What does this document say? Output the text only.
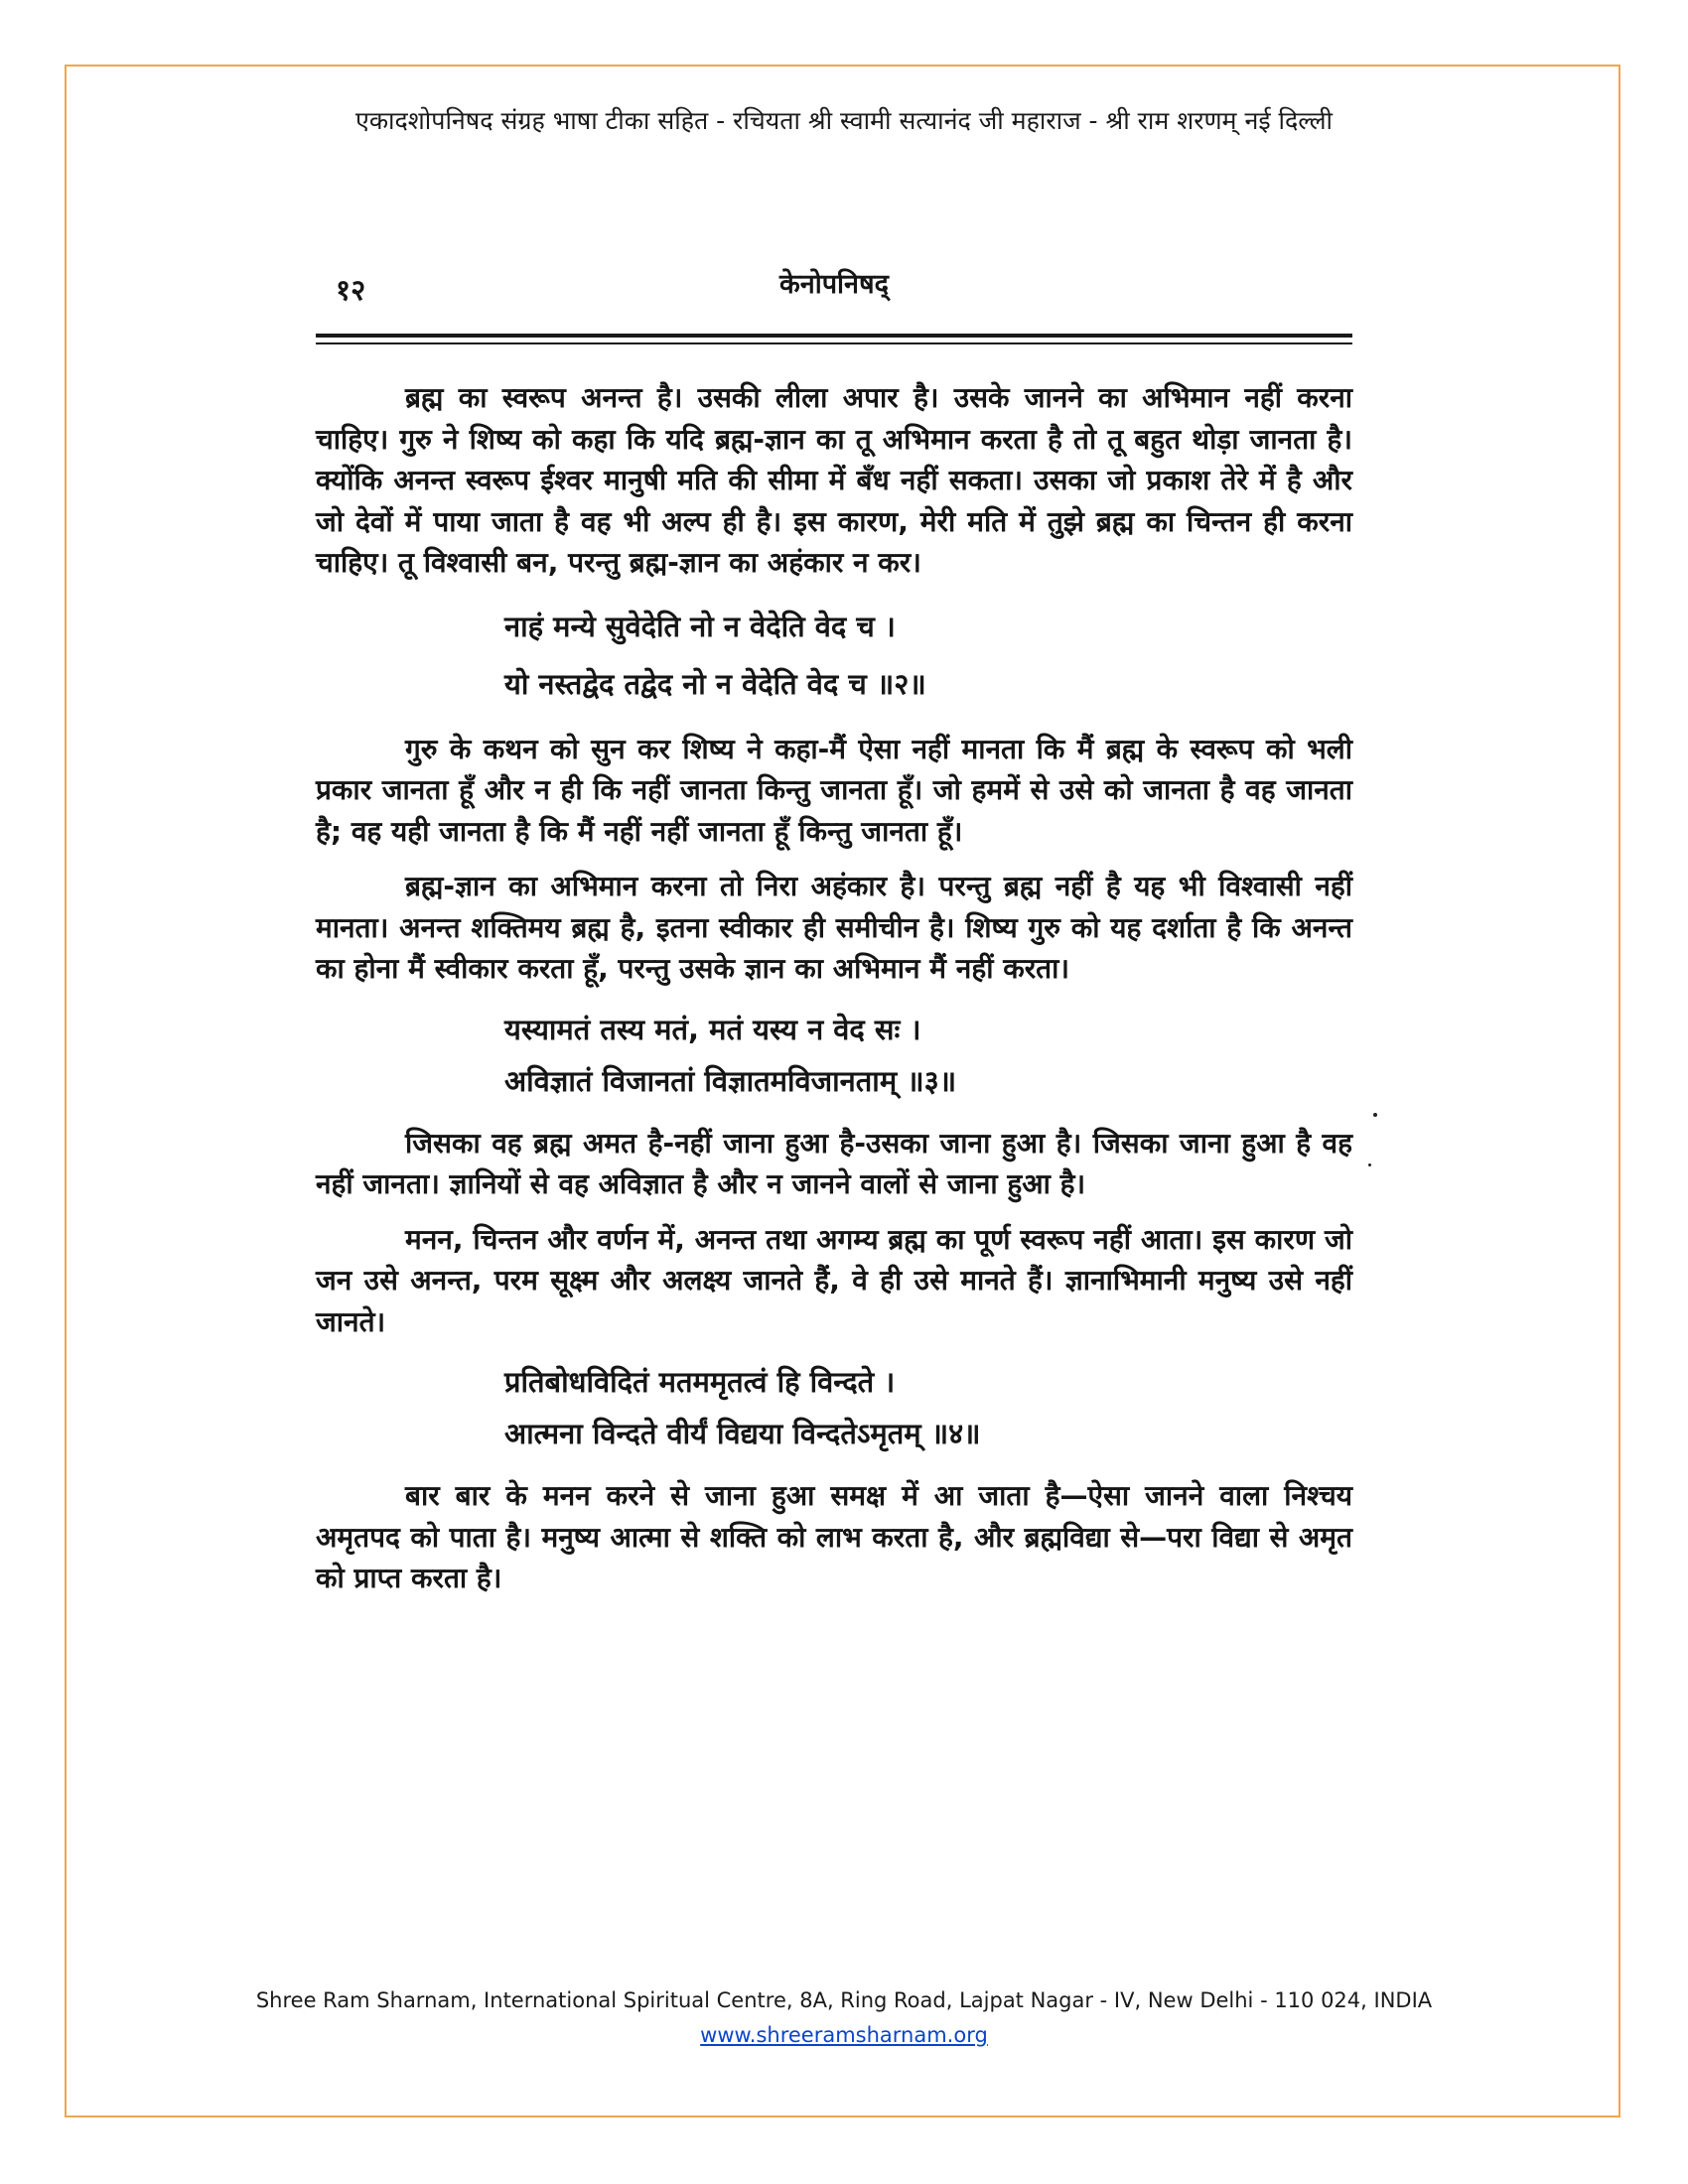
एकादशोपनिषद संग्रह भाषा टीका सहित - रचियता श्री स्वामी सत्यानंद जी महाराज - श्री राम शरणम् नई दिल्ली
१२	केनोपनिषद्

ब्रह्म का स्वरूप अनन्त है। उसकी लीला अपार है। उसके जानने का अभिमान नहीं करना चाहिए। गुरु ने शिष्य को कहा कि यदि ब्रह्म-ज्ञान का तू अभिमान करता है तो तू बहुत थोड़ा जानता है। क्योंकि अनन्त स्वरूप ईश्वर मानुषी मति की सीमा में बँध नहीं सकता। उसका जो प्रकाश तेरे में है और जो देवों में पाया जाता है वह भी अल्प ही है। इस कारण, मेरी मति में तुझे ब्रह्म का चिन्तन ही करना चाहिए। तू विश्वासी बन, परन्तु ब्रह्म-ज्ञान का अहंकार न कर।

नाहं मन्ये सुवेदेति नो न वेदेति वेद च ।

यो नस्तद्वेद तद्वेद नो न वेदेति वेद च ॥२॥

गुरु के कथन को सुन कर शिष्य ने कहा-मैं ऐसा नहीं मानता कि मैं ब्रह्म के स्वरूप को भली प्रकार जानता हूँ और न ही कि नहीं जानता किन्तु जानता हूँ। जो हममें से उसे को जानता है वह जानता है; वह यही जानता है कि मैं नहीं नहीं जानता हूँ किन्तु जानता हूँ।

ब्रह्म-ज्ञान का अभिमान करना तो निरा अहंकार है। परन्तु ब्रह्म नहीं है यह भी विश्वासी नहीं मानता। अनन्त शक्तिमय ब्रह्म है, इतना स्वीकार ही समीचीन है। शिष्य गुरु को यह दर्शाता है कि अनन्त का होना मैं स्वीकार करता हूँ, परन्तु उसके ज्ञान का अभिमान मैं नहीं करता।

यस्यामतं तस्य मतं, मतं यस्य न वेद सः ।

अविज्ञातं विजानतां विज्ञातमविजानताम् ॥३॥

जिसका वह ब्रह्म अमत है-नहीं जाना हुआ है-उसका जाना हुआ है। जिसका जाना हुआ है वह नहीं जानता। ज्ञानियों से वह अविज्ञात है और न जानने वालों से जाना हुआ है।

मनन, चिन्तन और वर्णन में, अनन्त तथा अगम्य ब्रह्म का पूर्ण स्वरूप नहीं आता। इस कारण जो जन उसे अनन्त, परम सूक्ष्म और अलक्ष्य जानते हैं, वे ही उसे मानते हैं। ज्ञानाभिमानी मनुष्य उसे नहीं जानते।

प्रतिबोधविदितं मतममृतत्वं हि विन्दते ।

आत्मना विन्दते वीर्यं विद्यया विन्दतेऽमृतम् ॥४॥

बार बार के मनन करने से जाना हुआ समक्ष में आ जाता है—ऐसा जानने वाला निश्चय अमृतपद को पाता है। मनुष्य आत्मा से शक्ति को लाभ करता है, और ब्रह्मविद्या से—परा विद्या से अमृत को प्राप्त करता है।

Shree Ram Sharnam, International Spiritual Centre, 8A, Ring Road, Lajpat Nagar - IV, New Delhi - 110 024, INDIA
www.shreeramsharnam.org
